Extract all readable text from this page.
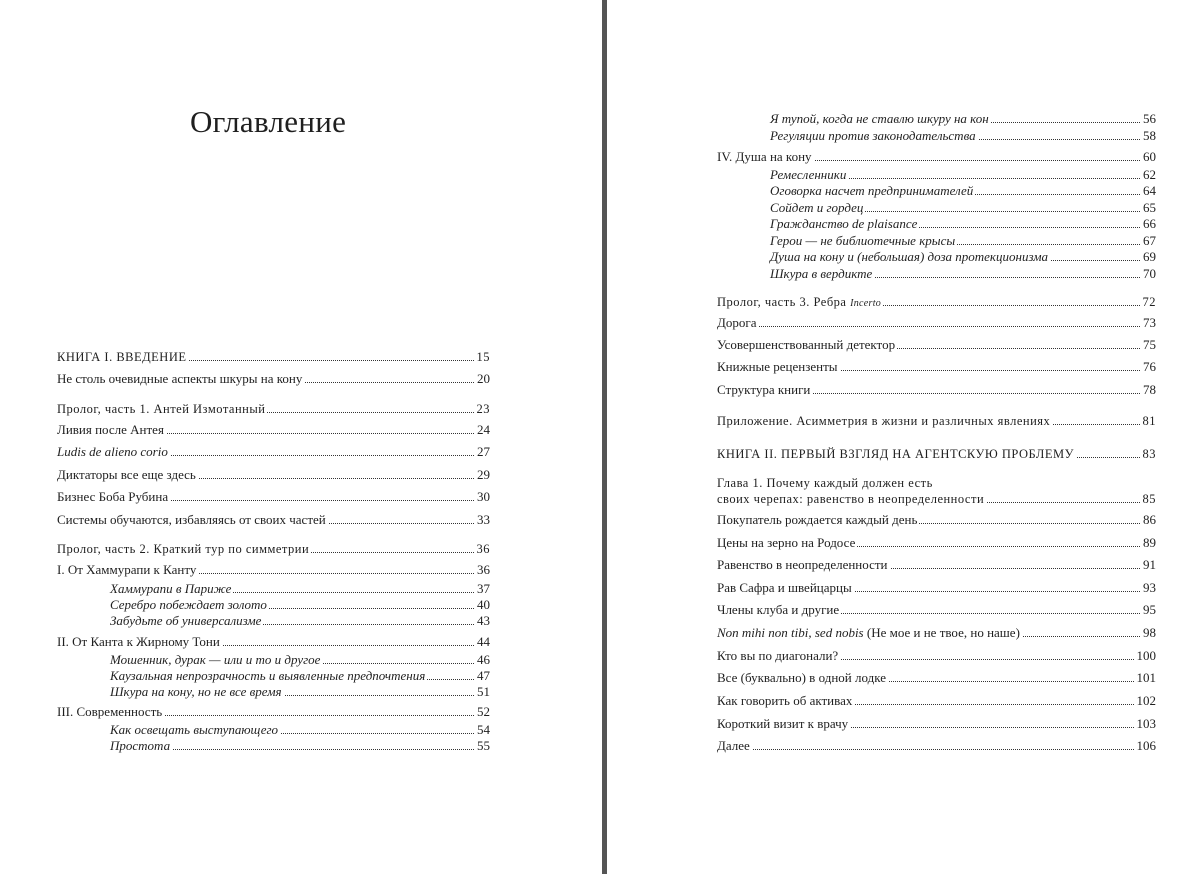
Оглавление
КНИГА I. ВВЕДЕНИЕ	15
Не столь очевидные аспекты шкуры на кону	20
Пролог, часть 1. Антей Измотанный	23
Ливия после Антея	24
Ludis de alieno corio	27
Диктаторы все еще здесь	29
Бизнес Боба Рубина	30
Системы обучаются, избавляясь от своих частей	33
Пролог, часть 2. Краткий тур по симметрии	36
I. От Хаммурапи к Канту	36
Хаммурапи в Париже	37
Серебро побеждает золото	40
Забудьте об универсализме	43
II. От Канта к Жирному Тони	44
Мошенник, дурак — или и то и другое	46
Каузальная непрозрачность и выявленные предпочтения	47
Шкура на кону, но не все время	51
III. Современность	52
Как освещать выступающего	54
Простота	55
Я тупой, когда не ставлю шкуру на кон	56
Регуляции против законодательства	58
IV. Душа на кону	60
Ремесленники	62
Оговорка насчет предпринимателей	64
Сойдет и гордец	65
Гражданство de plaisance	66
Герои — не библиотечные крысы	67
Душа на кону и (небольшая) доза протекционизма	69
Шкура в вердикте	70
Пролог, часть 3. Ребра Incerto	72
Дорога	73
Усовершенствованный детектор	75
Книжные рецензенты	76
Структура книги	78
Приложение. Асимметрия в жизни и различных явлениях	81
КНИГА II. ПЕРВЫЙ ВЗГЛЯД НА АГЕНТСКУЮ ПРОБЛЕМУ	83
Глава 1. Почему каждый должен есть
своих черепах: равенство в неопределенности	85
Покупатель рождается каждый день	86
Цены на зерно на Родосе	89
Равенство в неопределенности	91
Рав Сафра и швейцарцы	93
Члены клуба и другие	95
Non mihi non tibi, sed nobis (Не мое и не твое, но наше)	98
Кто вы по диагонали?	100
Все (буквально) в одной лодке	101
Как говорить об активах	102
Короткий визит к врачу	103
Далее	106
